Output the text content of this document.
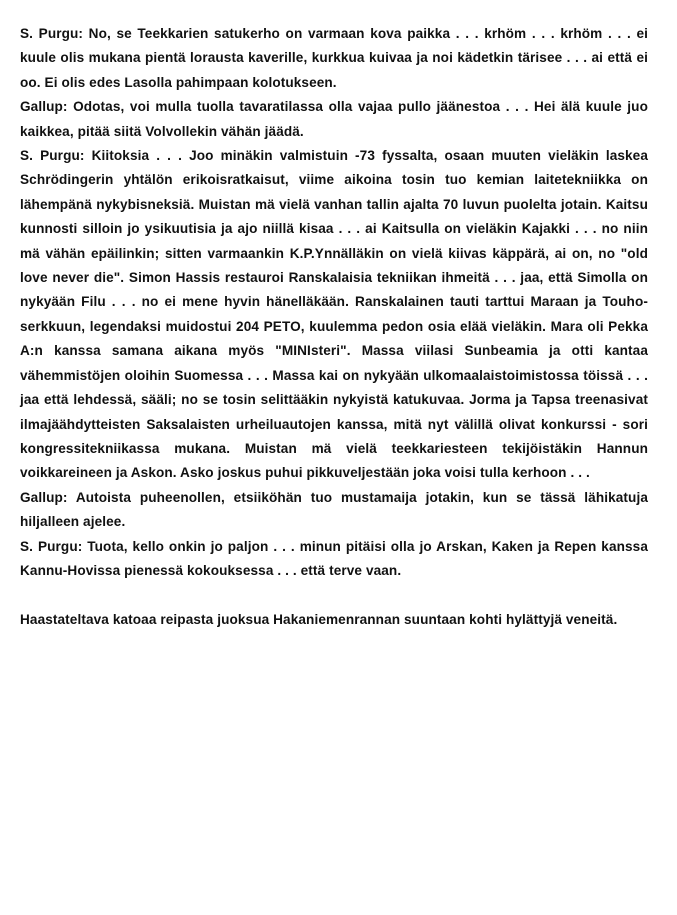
S. Purgu: No, se Teekkarien satukerho on varmaan kova paikka . . . krhöm . . . krhöm . . . ei kuule olis mukana pientä lorausta kaverille, kurkkua kuivaa ja noi kädetkin tärisee . . . ai että ei oo. Ei olis edes Lasolla pahimpaan kolotukseen.

Gallup: Odotas, voi mulla tuolla tavaratilassa olla vajaa pullo jäänestoa . . . Hei älä kuule juo kaikkea, pitää siitä Volvollekin vähän jäädä.

S. Purgu: Kiitoksia . . . Joo minäkin valmistuin -73 fyssalta, osaan muuten vieläkin laskea Schrödingerin yhtälön erikoisratkaisut, viime aikoina tosin tuo kemian laitetekniikka on lähempänä nykybisneksiä. Muistan mä vielä vanhan tallin ajalta 70 luvun puolelta jotain. Kaitsu kunnosti silloin jo ysikuutisia ja ajo niillä kisaa . . . ai Kaitsulla on vieläkin Kajakki . . . no niin mä vähän epäilinkin; sitten varmaankin K.P.Ynnälläkin on vielä kiivas käppärä, ai on, no "old love never die". Simon Hassis restauroi Ranskalaisia tekniikan ihmeitä . . . jaa, että Simolla on nykyään Filu . . . no ei mene hyvin hänelläkään. Ranskalainen tauti tarttui Maraan ja Touho-serkkuun, legendaksi muidostui 204 PETO, kuulemma pedon osia elää vieläkin. Mara oli Pekka A:n kanssa samana aikana myös "MINIsteri". Massa viilasi Sunbeamia ja otti kantaa vähemmistöjen oloihin Suomessa . . . Massa kai on nykyään ulkomaalaistoimistossa töissä . . . jaa että lehdessä, sääli; no se tosin selittääkin nykyistä katukuvaa. Jorma ja Tapsa treenasivat ilmajäähdytteisten Saksalaisten urheiluautojen kanssa, mitä nyt välillä olivat konkurssi - sori kongressitekniikassa mukana. Muistan mä vielä teekkariesteen tekijöistäkin Hannun voikkareineen ja Askon. Asko joskus puhui pikkuveljestään joka voisi tulla kerhoon . . .

Gallup: Autoista puheenollen, etsiiköhän tuo mustamaija jotakin, kun se tässä lähikatuja hiljalleen ajelee.

S. Purgu: Tuota, kello onkin jo paljon . . . minun pitäisi olla jo Arskan, Kaken ja Repen kanssa Kannu-Hovissa pienessä kokouksessa . . . että terve vaan.

Haastateltava katoaa reipasta juoksua Hakaniemenrannan suuntaan kohti hylättyjä veneitä.
